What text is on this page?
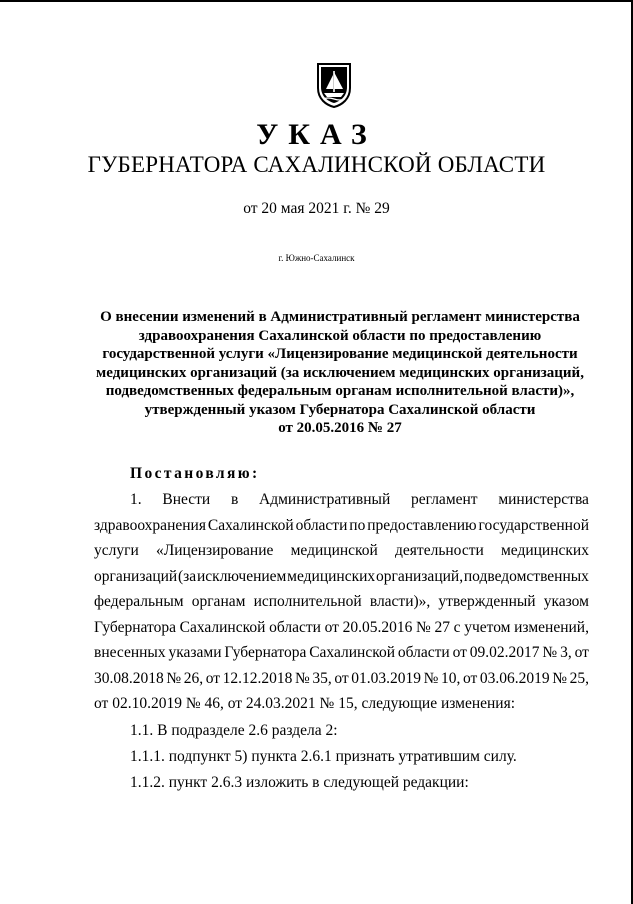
УКАЗ

ГУБЕРНАТОРА САХАЛИНСКОЙ ОБЛАСТИ

от 20 мая 2021 г. № 29

г. Южно-Сахалинск

О внесении изменений в Административный регламент министерства
здравоохранения Сахалинской области по предоставлению
государственной услуги «Лицензирование медицинской деятельности
медицинских организаций (за исключением медицинских организаций,
подведомственных федеральным органам исполнительной власти)»,
утвержденный указом Губернатора Сахалинской области
от 20.05.2016 № 27

Постановляю:

1. Внести в Административный регламент министерства
здравоохранения Сахалинской области по предоставлению государственной
услуги «Лицензирование медицинской деятельности медицинских
организаций (за исключением медицинских организаций, подведомственных
федеральным органам исполнительной власти)», утвержденный указом
Губернатора Сахалинской области от 20.05.2016 № 27 с учетом изменений,
внесенных указами Губернатора Сахалинской области от 09.02.2017 № 3, от
30.08.2018 № 26, от 12.12.2018 № 35, от 01.03.2019 № 10, от 03.06.2019 № 25,
от 02.10.2019 № 46, от 24.03.2021 № 15, следующие изменения:

1.1. В подразделе 2.6 раздела 2:

1.1.1. подпункт 5) пункта 2.6.1 признать утратившим силу.

1.1.2. пункт 2.6.3 изложить в следующей редакции:
